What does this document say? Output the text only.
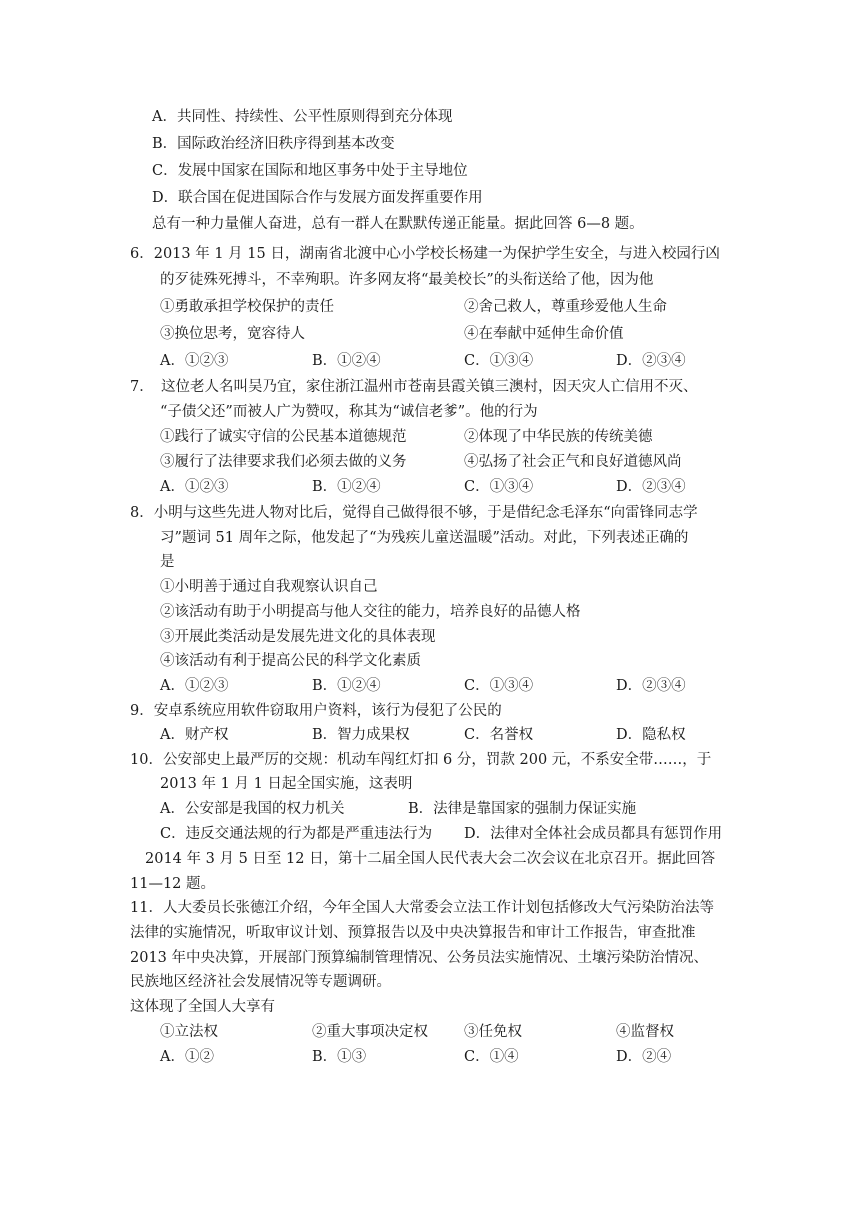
A．共同性、持续性、公平性原则得到充分体现
B．国际政治经济旧秩序得到基本改变
C．发展中国家在国际和地区事务中处于主导地位
D．联合国在促进国际合作与发展方面发挥重要作用
总有一种力量催人奋进，总有一群人在默默传递正能量。据此回答 6—8 题。
6．2013 年 1 月 15 日，湖南省北渡中心小学校长杨建一为保护学生安全，与进入校园行凶
的歹徒殊死搏斗，不幸殉职。许多网友将“最美校长”的头衔送给了他，因为他
①勇敢承担学校保护的责任	②舍己救人，尊重珍爱他人生命
③换位思考，宽容待人	④在奉献中延伸生命价值
A．①②③	B．①②④	C．①③④	D．②③④
7．　这位老人名叫吴乃宜，家住浙江温州市苍南县霞关镇三澳村，因天灾人亡信用不灭、
“子债父还”而被人广为赞叹，称其为“诚信老爹”。他的行为
①践行了诚实守信的公民基本道德规范	②体现了中华民族的传统美德
③履行了法律要求我们必须去做的义务	④弘扬了社会正气和良好道德风尚
A．①②③	B．①②④	C．①③④	D．②③④
8．小明与这些先进人物对比后，觉得自己做得很不够，于是借纪念毛泽东“向雷锋同志学
习”题词 51 周年之际，他发起了“为残疾儿童送温暖”活动。对此，下列表述正确的
是
①小明善于通过自我观察认识自己
②该活动有助于小明提高与他人交往的能力，培养良好的品德人格
③开展此类活动是发展先进文化的具体表现
④该活动有利于提高公民的科学文化素质
A．①②③	B．①②④	C．①③④	D．②③④
9．安卓系统应用软件窃取用户资料，该行为侵犯了公民的
A．财产权	B．智力成果权	C．名誉权	D．隐私权
10．公安部史上最严厉的交规：机动车闯红灯扣 6 分，罚款 200 元，不系安全带……，于
2013 年 1 月 1 日起全国实施，这表明
A．公安部是我国的权力机关	B．法律是靠国家的强制力保证实施
C．违反交通法规的行为都是严重违法行为 D．法律对全体社会成员都具有惩罚作用
2014 年 3 月 5 日至 12 日，第十二届全国人民代表大会二次会议在北京召开。据此回答
11—12 题。
11．人大委员长张德江介绍，今年全国人大常委会立法工作计划包括修改大气污染防治法等
法律的实施情况，听取审议计划、预算报告以及中央决算报告和审计工作报告，审查批准
2013 年中央决算，开展部门预算编制管理情况、公务员法实施情况、土壤污染防治情况、
民族地区经济社会发展情况等专题调研。
这体现了全国人大享有
①立法权	②重大事项决定权 ③任免权	④监督权
A．①②	B．①③	C．①④	D．②④
